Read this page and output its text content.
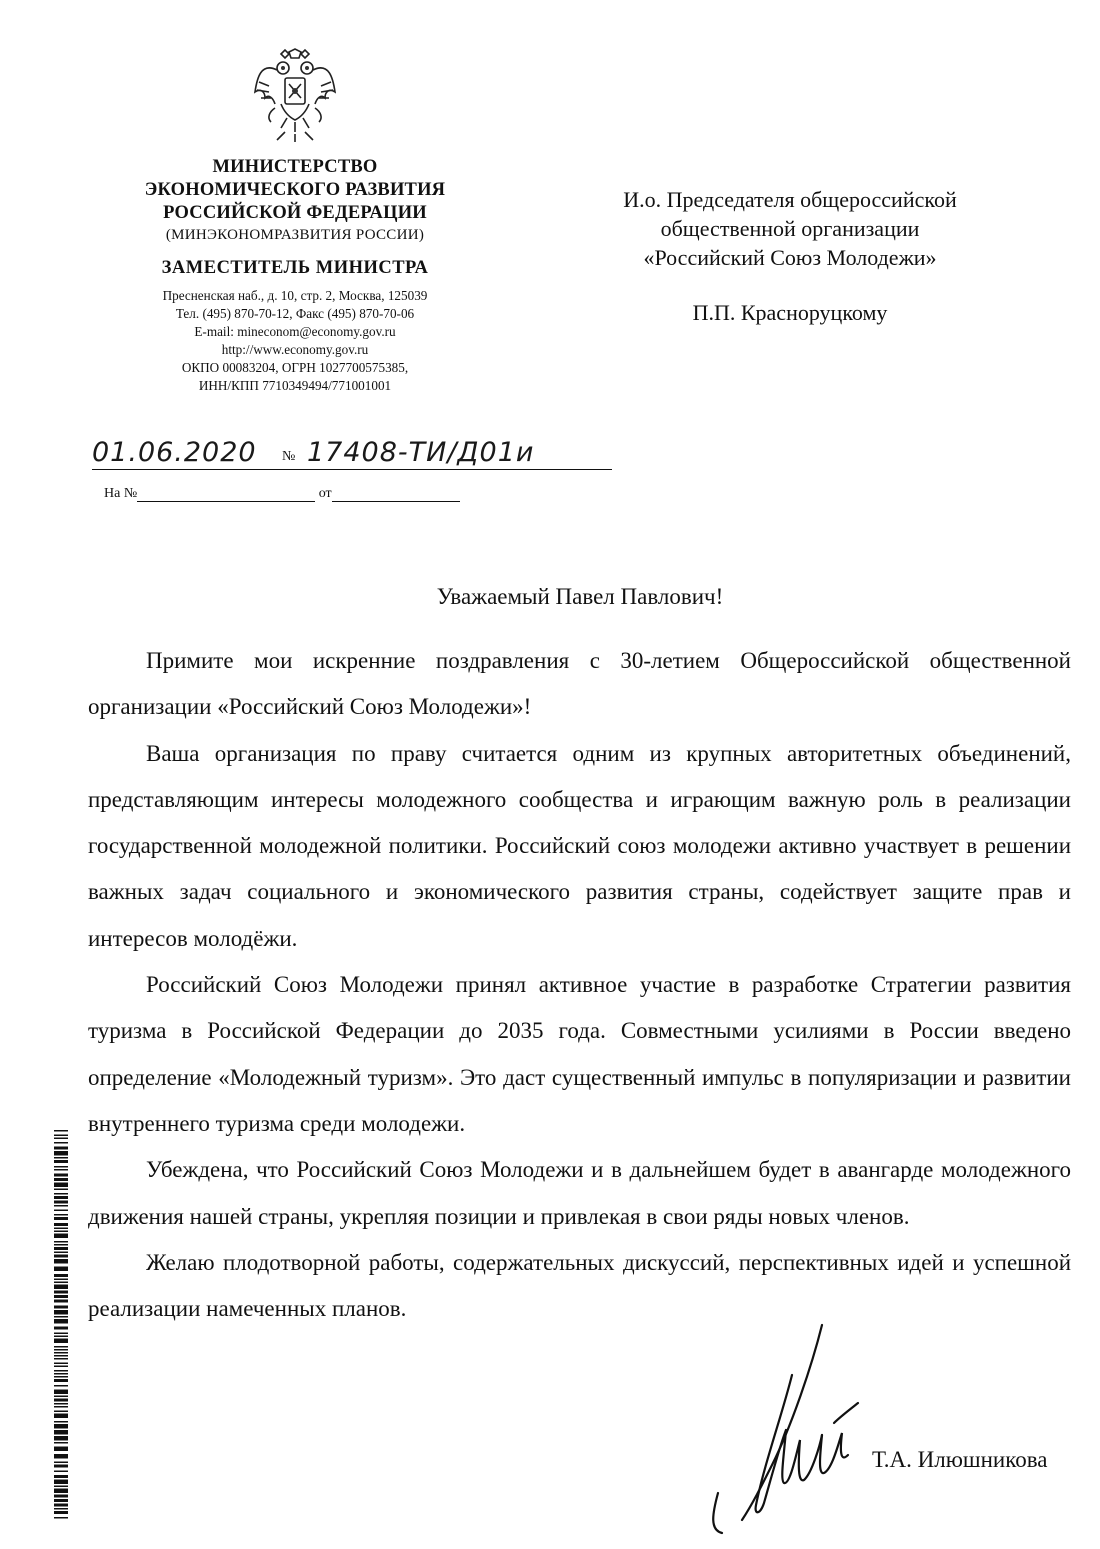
МИНИСТЕРСТВО
ЭКОНОМИЧЕСКОГО РАЗВИТИЯ
РОССИЙСКОЙ ФЕДЕРАЦИИ
(МИНЭКОНОМРАЗВИТИЯ РОССИИ)
ЗАМЕСТИТЕЛЬ МИНИСТРА
Пресненская наб., д. 10, стр. 2, Москва, 125039
Тел. (495) 870-70-12, Факс (495) 870-70-06
E-mail: mineconom@economy.gov.ru
http://www.economy.gov.ru
ОКПО 00083204, ОГРН 1027700575385,
ИНН/КПП 7710349494/771001001
01.06.2020 № 17408-ТИ/Д01и
На №	от
И.о. Председателя общероссийской
общественной организации
«Российский Союз Молодежи»
П.П. Красноруцкому
Уважаемый Павел Павлович!

Примите мои искренние поздравления с 30-летием Общероссийской общественной организации «Российский Союз Молодежи»!

Ваша организация по праву считается одним из крупных авторитетных объединений, представляющим интересы молодежного сообщества и играющим важную роль в реализации государственной молодежной политики. Российский союз молодежи активно участвует в решении важных задач социального и экономического развития страны, содействует защите прав и интересов молодёжи.

Российский Союз Молодежи принял активное участие в разработке Стратегии развития туризма в Российской Федерации до 2035 года. Совместными усилиями в России введено определение «Молодежный туризм». Это даст существенный импульс в популяризации и развитии внутреннего туризма среди молодежи.

Убеждена, что Российский Союз Молодежи и в дальнейшем будет в авангарде молодежного движения нашей страны, укрепляя позиции и привлекая в свои ряды новых членов.

Желаю плодотворной работы, содержательных дискуссий, перспективных идей и успешной реализации намеченных планов.

Т.А. Илюшникова
